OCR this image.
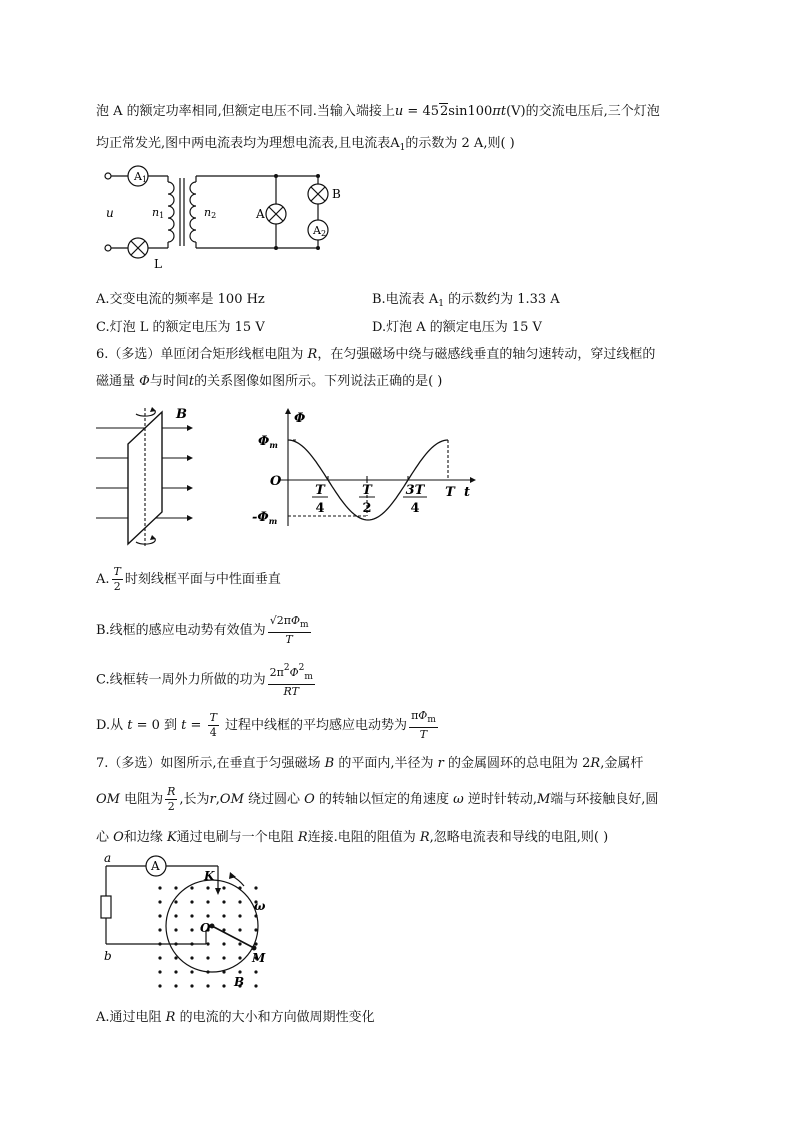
泡 A 的额定功率相同,但额定电压不同.当输入端接上u = 452sin100πt(V)的交流电压后,三个灯泡
均正常发光,图中两电流表均为理想电流表,且电流表$A_1$的示数为 2 A,则( )
A1
u	n1	n2	A
B
A2
L
A.交变电流的频率是 100 Hz	B.电流表 $A_1$ 的示数约为 1.33 A
C.灯泡 L 的额定电压为 15 V	D.灯泡 A 的额定电压为 15 V
6.（多选）单匝闭合矩形线框电阻为 R，在匀强磁场中绕与磁感线垂直的轴匀速转动，穿过线框的
磁通量 Φ与时间t的关系图像如图所示。下列说法正确的是( )
B	Φ
t
O
$\Phi_m$
$-\Phi_m$
T
4
T
2
3T
4
T
A. $\frac{T}{2}$ 时刻线框平面与中性面垂直
B.线框的感应电动势有效值为 $\frac{√2\pi\Phi_m}{T}$
C.线框转一周外力所做的功为 $\frac{2\pi^2\Phi^2_m}{RT}$
D.从 t = 0 到 $t = \frac{T}{4}$ 过程中线框的平均感应电动势为 $\frac{\pi\Phi_m}{T}$
7.（多选）如图所示,在垂直于匀强磁场 B 的平面内,半径为 r 的金属圆环的总电阻为 2R,金属杆
OM 电阻为 $\frac{R}{2}$ ,长为r,OM 绕过圆心 O 的转轴以恒定的角速度 ω 逆时针转动,M端与环接触良好,圆
心 O和边缘 K通过电刷与一个电阻 R连接.电阻的阻值为 R,忽略电流表和导线的电阻,则( )
a
b
A
K
ω
O
M
B
A.通过电阻 R 的电流的大小和方向做周期性变化
